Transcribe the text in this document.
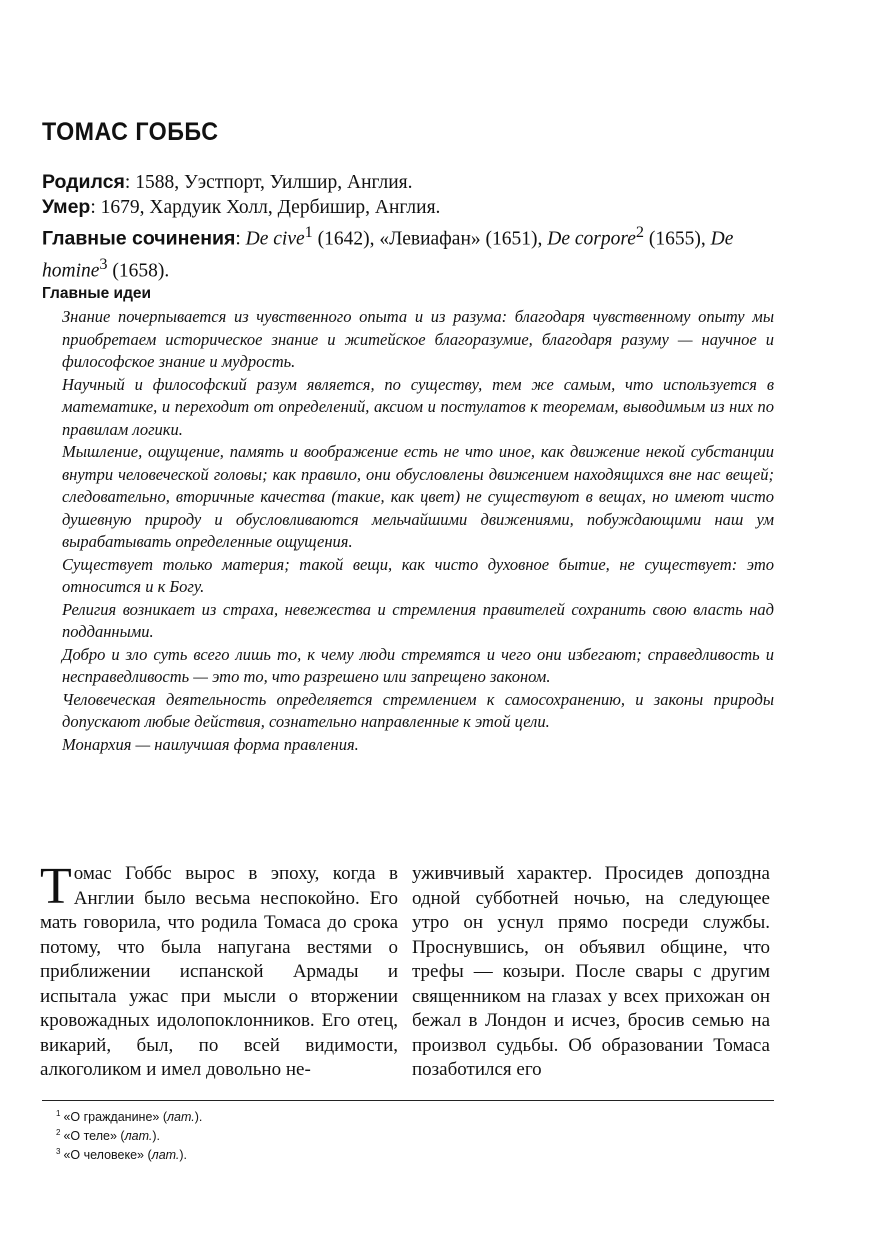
ТОМАС ГОББС

Родился: 1588, Уэстпорт, Уилшир, Англия.

Умер: 1679, Хардуик Холл, Дербишир, Англия.

Главные сочинения: De cive$^1$ (1642), «Левиафан» (1651), De corpore$^2$ (1655), De homine$^3$ (1658).

Главные идеи
Знание почерпывается из чувственного опыта и из разума: благодаря чувственному опыту мы приобретаем историческое знание и житейское благоразумие, благодаря разуму — научное и философское знание и мудрость.
Научный и философский разум является, по существу, тем же самым, что используется в математике, и переходит от определений, аксиом и постулатов к теоремам, выводимым из них по правилам логики.
Мышление, ощущение, память и воображение есть не что иное, как движение некой субстанции внутри человеческой головы; как правило, они обусловлены движением находящихся вне нас вещей; следовательно, вторичные качества (такие, как цвет) не существуют в вещах, но имеют чисто душевную природу и обусловливаются мельчайшими движениями, побуждающими наш ум вырабатывать определенные ощущения.
Существует только материя; такой вещи, как чисто духовное бытие, не существует: это относится и к Богу.
Религия возникает из страха, невежества и стремления правителей сохранить свою власть над подданными.
Добро и зло суть всего лишь то, к чему люди стремятся и чего они избегают; справедливость и несправедливость — это то, что разрешено или запрещено законом.
Человеческая деятельность определяется стремлением к самосохранению, и законы природы допускают любые действия, сознательно направленные к этой цели.
Монархия — наилучшая форма правления.
Томас Гоббс вырос в эпоху, когда в Англии было весьма неспокойно. Его мать говорила, что родила Томаса до срока потому, что была напугана вестями о приближении испанской Армады и испытала ужас при мысли о вторжении кровожадных идолопоклонников. Его отец, викарий, был, по всей видимости, алкоголиком и имел довольно не-
уживчивый характер. Просидев допоздна одной субботней ночью, на следующее утро он уснул прямо посреди службы. Проснувшись, он объявил общине, что трефы — козыри. После свары с другим священником на глазах у всех прихожан он бежал в Лондон и исчез, бросив семью на произвол судьбы. Об образовании Томаса позаботился его
$^1$ «О гражданине» (лат.).
$^2$ «О теле» (лат.).
$^3$ «О человеке» (лат.).
